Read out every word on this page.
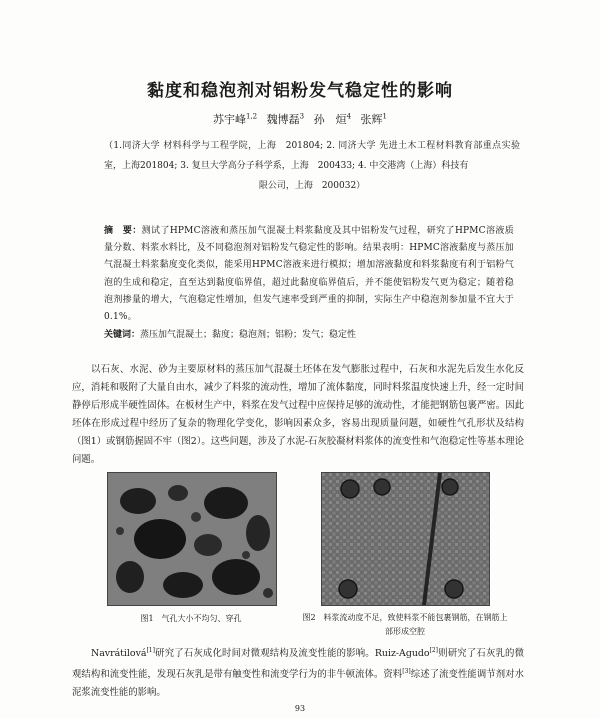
黏度和稳泡剂对铝粉发气稳定性的影响
苏宇峰$^{1,2}$ 魏博磊$^3$ 孙　烜$^4$ 张辉$^1$
（1.同济大学 材料科学与工程学院，上海　201804; 2. 同济大学 先进土木工程材料教育部重点实验室，上海201804; 3. 复旦大学高分子科学系，上海　200433; 4. 中交港湾（上海）科技有
限公司，上海　200032）
摘　要：测试了HPMC溶液和蒸压加气混凝土料浆黏度及其中铝粉发气过程，研究了HPMC溶液质量分数、料浆水料比，及不同稳泡剂对铝粉发气稳定性的影响。结果表明：HPMC溶液黏度与蒸压加气混凝土料浆黏度变化类似，能采用HPMC溶液来进行模拟；增加溶液黏度和料浆黏度有利于铝粉气泡的生成和稳定，直至达到黏度临界值，超过此黏度临界值后，并不能使铝粉发气更为稳定；随着稳泡剂掺量的增大，气泡稳定性增加，但发气速率受到严重的抑制，实际生产中稳泡剂参加量不宜大于0.1%。
关键词：蒸压加气混凝土；黏度；稳泡剂；铝粉；发气；稳定性
以石灰、水泥、砂为主要原材料的蒸压加气混凝土坯体在发气膨胀过程中，石灰和水泥先后发生水化反应，消耗和吸附了大量自由水，减少了料浆的流动性，增加了流体黏度，同时料浆温度快速上升，经一定时间静停后形成半硬性固体。在板材生产中，料浆在发气过程中应保持足够的流动性，才能把钢筋包裹严密。因此坯体在形成过程中经历了复杂的物理化学变化，影响因素众多，容易出现质量问题，如硬性气孔形状及结构（图1）或钢筋握固不牢（图2）。这些问题，涉及了水泥-石灰胶凝材料浆体的流变性和气泡稳定性等基本理论问题。
图1　气孔大小不均匀、穿孔	图2　料浆流动度不足，致使料浆不能包裹钢筋，在钢筋上部形成空腔
Navrátilová[1]研究了石灰成化时间对微观结构及流变性能的影响。Ruiz-Agudo[2]则研究了石灰乳的微观结构和流变性能，发现石灰乳是带有触变性和流变学行为的非牛顿流体。资料[3]综述了流变性能调节剂对水泥浆流变性能的影响。
93
